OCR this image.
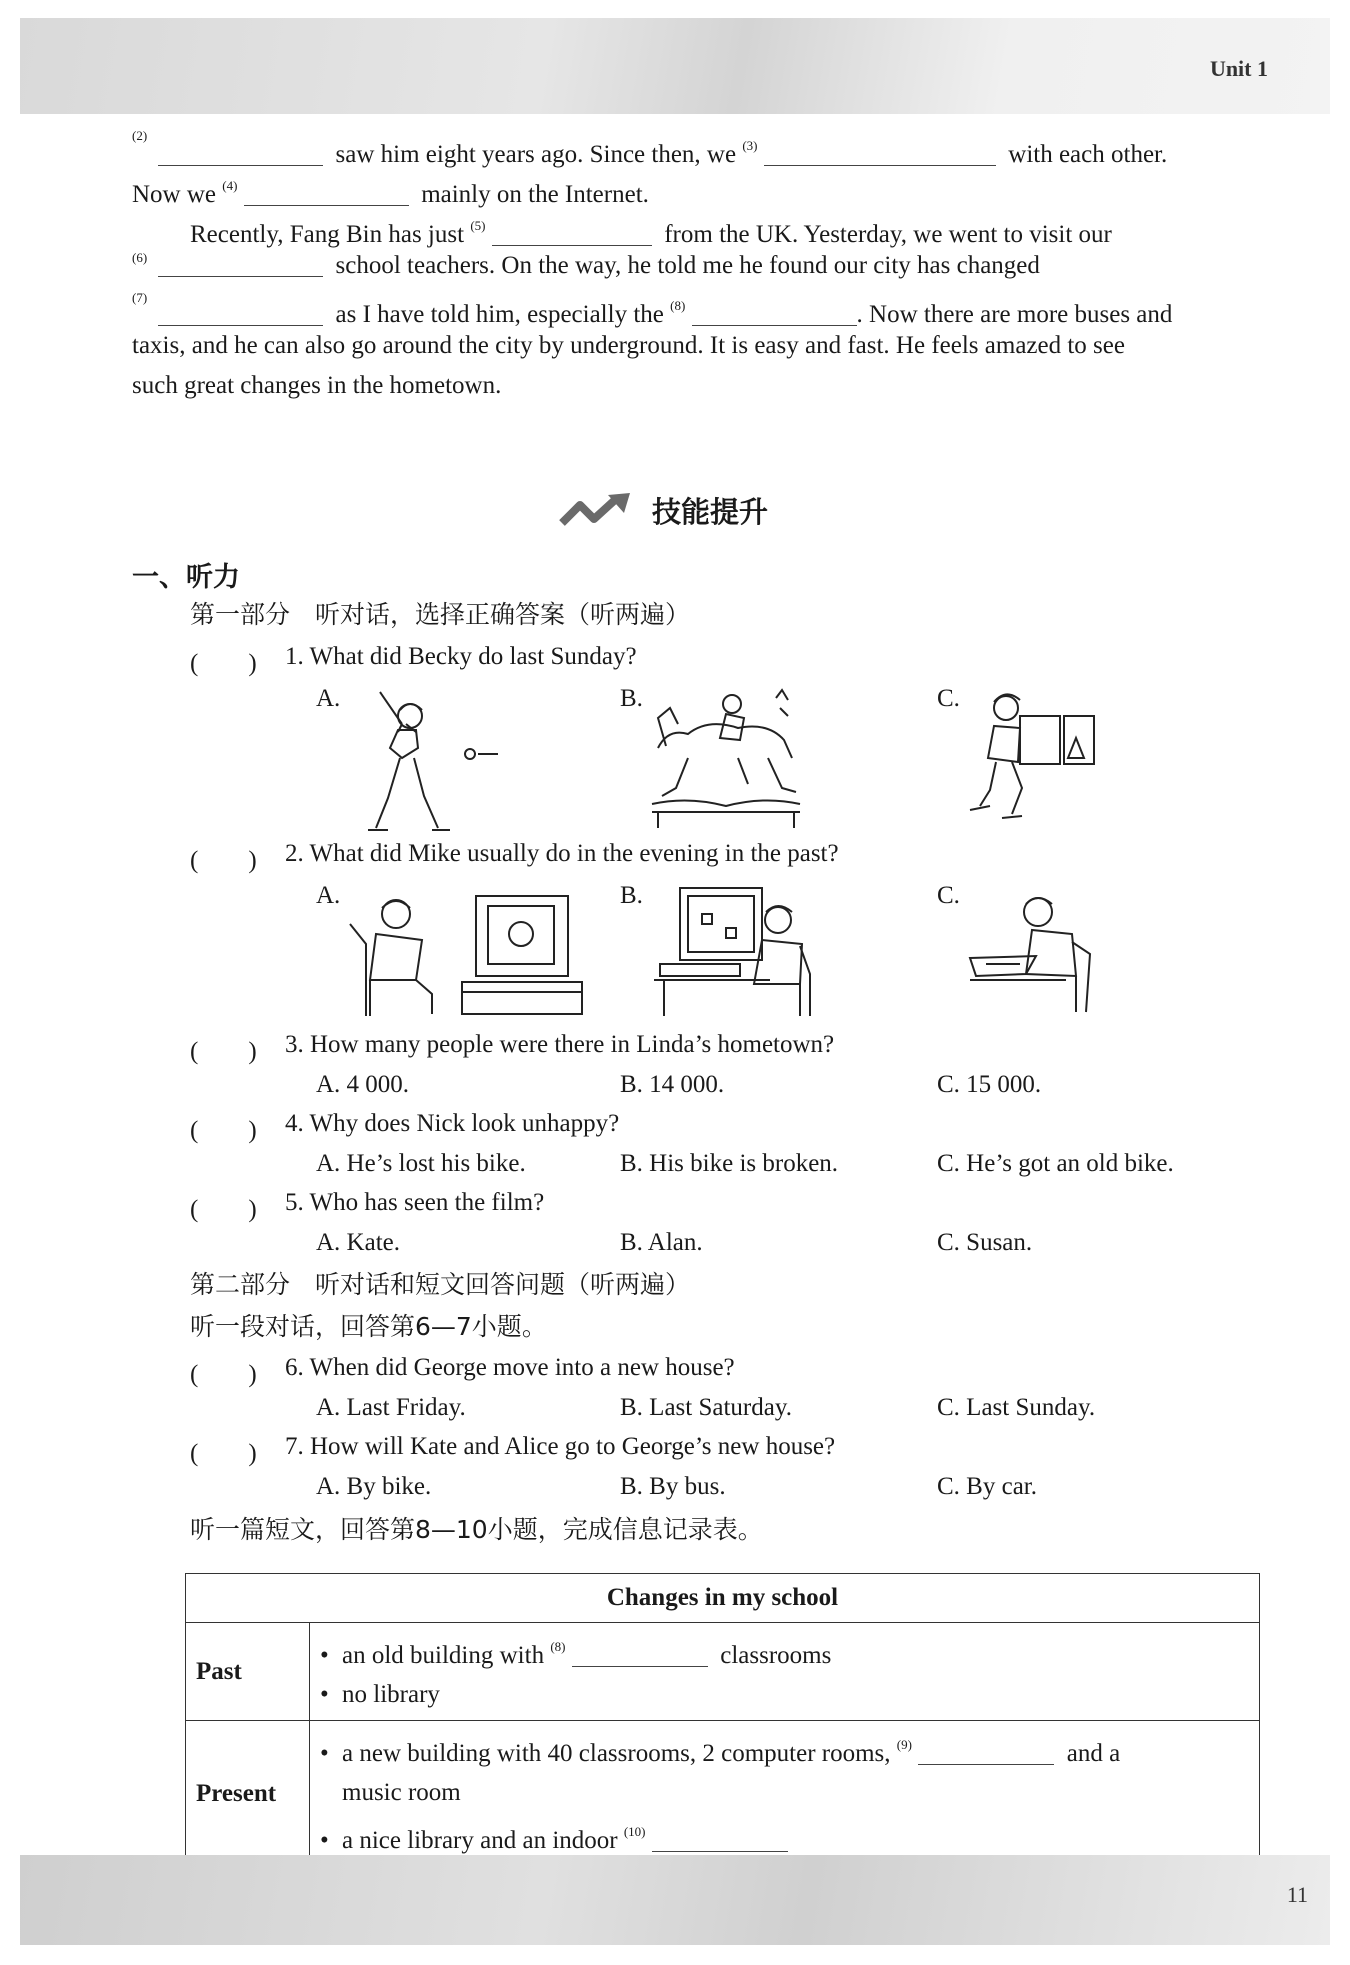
Unit 1
(2)
saw him eight years ago. Since then, we $^{(3)}$	with each other.
Now we $^{(4)}$	mainly on the Internet.
Recently, Fang Bin has just $^{(5)}$	from the UK. Yesterday, we went to visit our
(6)	school teachers. On the way, he told me he found our city has changed
(7)
as I have told him, especially the $^{(8)}$	. Now there are more buses and
taxis, and he can also go around the city by underground. It is easy and fast. He feels amazed to see
such great changes in the hometown.
技能提升
一、听力
第一部分　听对话，选择正确答案（听两遍）
(　　) 1. What did Becky do last Sunday?
A.	B.	C.
(　　) 2. What did Mike usually do in the evening in the past?
A.	B.	C.
(　　) 3. How many people were there in Linda’s hometown?
A. 4 000.	B. 14 000.	C. 15 000.
(　　) 4. Why does Nick look unhappy?
A. He’s lost his bike.	B. His bike is broken.	C. He’s got an old bike.
(　　) 5. Who has seen the film?
A. Kate.	B. Alan.	C. Susan.
第二部分　听对话和短文回答问题（听两遍）
听一段对话，回答第6—7小题。
(　　) 6. When did George move into a new house?
A. Last Friday.	B. Last Saturday.	C. Last Sunday.
(　　) 7. How will Kate and Alice go to George’s new house?
A. By bike.	B. By bus.	C. By car.
听一篇短文，回答第8—10小题，完成信息记录表。
Changes in my school	
Past	• an old building with $^{(8)}$ classrooms
• no library

Present	• a new building with 40 classrooms, 2 computer rooms, $^{(9)}$ and a
music room
• a nice library and an indoor $^{(10)}$
11
